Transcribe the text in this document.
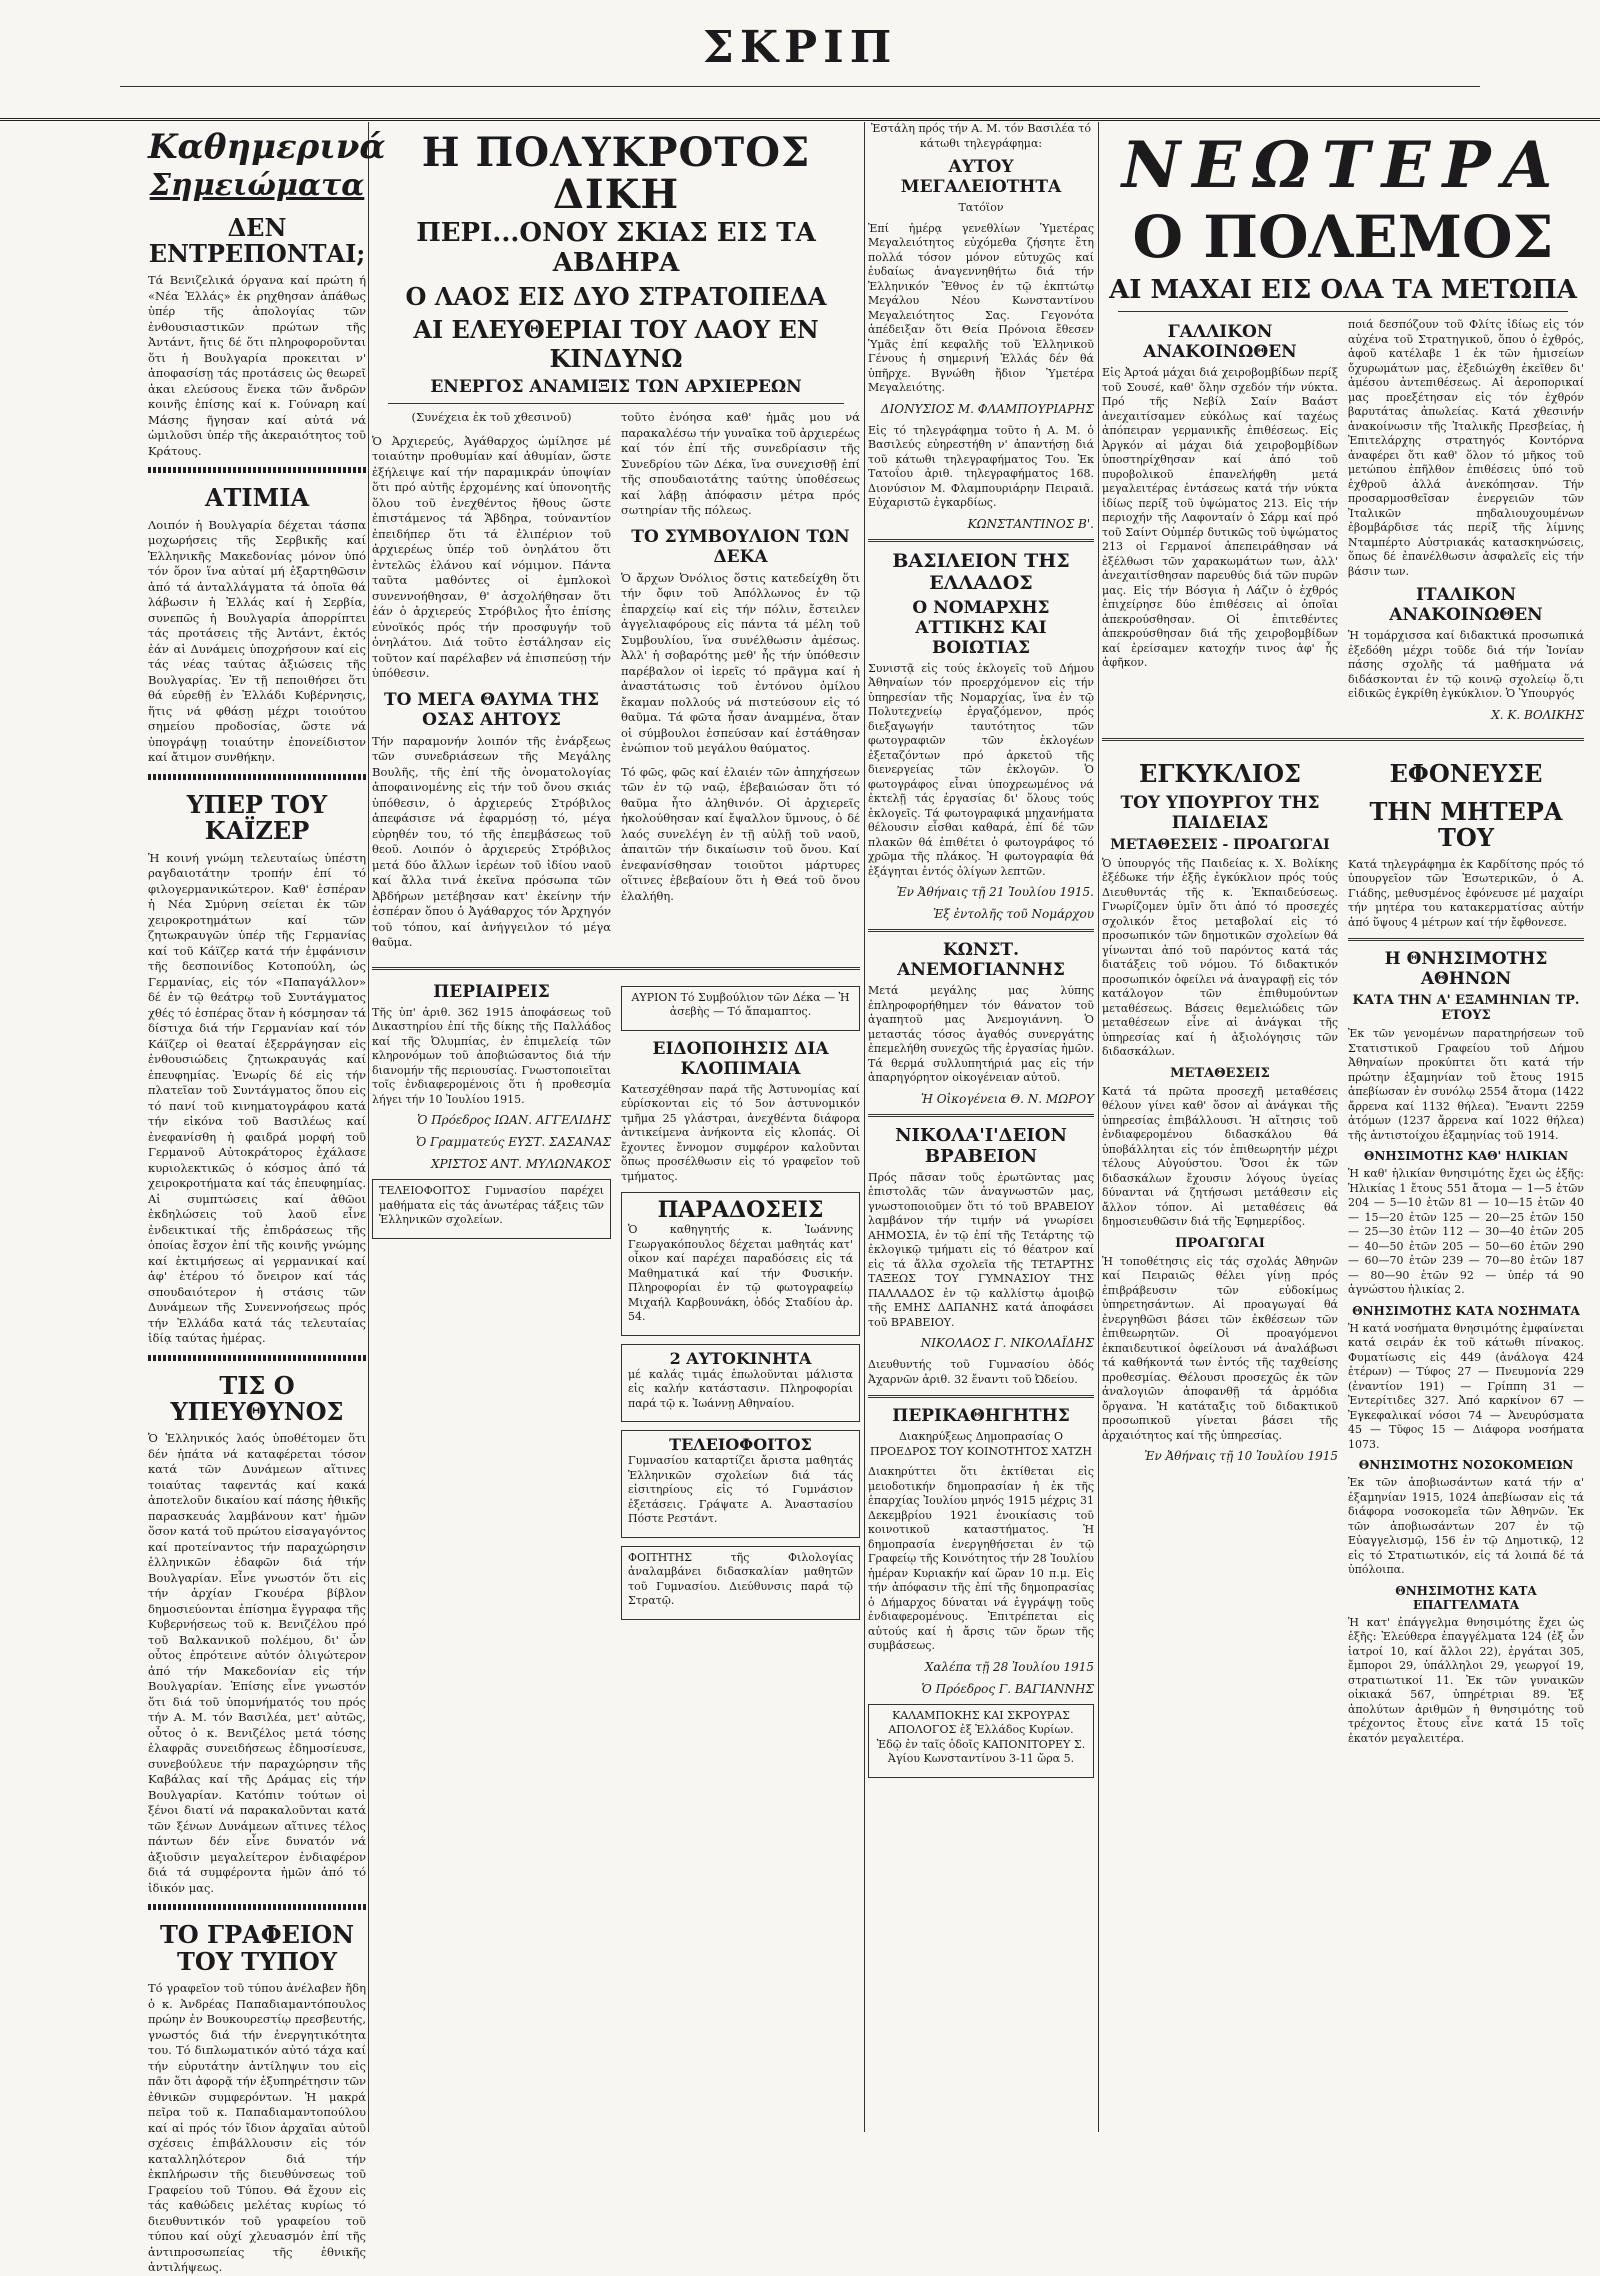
ΣΚΡΙΠ
Καθημερινά
Σημειώματα
ΔΕΝ ΕΝΤΡΕΠΟΝΤΑΙ;

Τά Βενιζελικά όργανα καί πρώτη ή «Νέα Ἑλλάς» ἐκ ρηχθησαν ἀπάθως ὑπέρ τῆς ἀπολογίας τῶν ἐνθουσιαστικῶν πρώτων τῆς Ἀντάντ, ἤτις δέ ὅτι πληροφοροῦνται ὅτι ἡ Βουλγαρία προκειται ν' ἀποφασίσῃ τάς προτάσεις ὡς θεωρεῖ ἀκαι ελεύσους ἕνεκα τῶν ἄνδρῶν κοινῆς ἐπίσης καί κ. Γούναρη καί Μάσης ῆγησαν καί αὐτά νά ὡμιλοῦσι ὑπέρ τῆς ἀκεραιότητος τοῦ Κράτους.

ΑΤΙΜΙΑ

Λοιπόν ἡ Βουλγαρία δέχεται τάσπα μοχωρήσεις τῆς Σερβικῆς καί Ἑλληνικῆς Μακεδονίας μόνον ὑπό τόν ὅρον ἵνα αὐταί μή ἐξαρτηθῶσιν ἀπό τά ἀνταλλάγματα τά ὁποῖα θά λάβωσιν ἡ Ἑλλάς καί ἡ Σερβία, συνεπῶς ἡ Βουλγαρία ἀπορρίπτει τάς προτάσεις τῆς Ἀντάντ, ἐκτός ἐάν αἱ Δυνάμεις ὑποχρήσουν καί εἰς τάς νέας ταύτας ἀξιώσεις τῆς Βουλγαρίας. Ἐν τῇ πεποιθήσει ὅτι θά εὑρεθῇ ἐν Ἑλλάδι Κυβέρνησις, ἥτις νά φθάσῃ μέχρι τοιούτου σημείου προδοσίας, ὥστε νά ὑπογράψῃ τοιαύτην ἐπονείδιστον καί ἄτιμον συνθήκην.

ΥΠΕΡ ΤΟΥ ΚΑΪΖΕΡ

Ἡ κοινή γνώμη τελευταίως ὑπέστη ραγδαιοτάτην τροπήν ἐπί τό φιλογερμανικώτερον. Καθ' ἑσπέραν ἡ Νέα Σμύρνη σείεται ἐκ τῶν χειροκροτημάτων καί τῶν ζητωκραυγῶν ὑπέρ τῆς Γερμανίας καί τοῦ Κάϊζερ κατά τήν ἐμφάνισιν τῆς δεσποινίδος Κοτοπούλη, ὡς Γερμανίας, εἰς τόν «Παπαγάλλον» δέ ἐν τῷ θεάτρῳ τοῦ Συντάγματος χθές τό ἑσπέρας ὅταν ἡ κόσμησαν τά δίστιχα διά τήν Γερμανίαν καί τόν Κάϊζερ οἱ θεαταί ἐξερράγησαν εἰς ἐνθουσιώδεις ζητωκραυγάς καί ἐπευφημίας. Ἐνωρίς δέ εἰς τήν πλατεῖαν τοῦ Συντάγματος ὅπου εἰς τό πανί τοῦ κινηματογράφου κατά τήν εἰκόνα τοῦ Βασιλέως καί ἐνεφανίσθη ἡ φαιδρά μορφή τοῦ Γερμανοῦ Αὐτοκράτορος ἐχάλασε κυριολεκτικῶς ὁ κόσμος ἀπό τά χειροκροτήματα καί τάς ἐπευφημίας. Αἱ συμπτώσεις καί ἀθῶοι ἐκδηλώσεις τοῦ λαοῦ εἶνε ἐνδεικτικαί τῆς ἐπιδράσεως τῆς ὁποίας ἔσχον ἐπί τῆς κοινῆς γνώμης καί ἐκτιμήσεως αἱ γερμανικαί καί ἀφ' ἑτέρου τό ὄνειρον καί τάς σπουδαιότερον ἡ στάσις τῶν Δυνάμεων τῆς Συνεννοήσεως πρός τήν Ἑλλάδα κατά τάς τελευταίας ἰδίᾳ ταύτας ἡμέρας.

ΤΙΣ Ο ΥΠΕΥΘΥΝΟΣ

Ὁ Ἑλληνικός λαός ὑποθέτομεν ὅτι δέν ἠπάτα νά καταφέρεται τόσον κατά τῶν Δυνάμεων αἵτινες τοιαύτας ταφεντάς καί κακά ἀποτελοῦν δικαίου καί πάσης ἠθικῆς παρασκευάς λαμβάνουν κατ' ἡμῶν ὅσον κατά τοῦ πρώτου εἰσαγαγόντος καί προτείναντος τήν παραχώρησιν ἑλληνικῶν ἐδαφῶν διά τήν Βουλγαρίαν. Εἶνε γνωστόν ὅτι εἰς τήν ἀρχίαν Γκουέρα βίβλον δημοσιεύονται ἐπίσημα ἔγγραφα τῆς Κυβερνήσεως τοῦ κ. Βενιζέλου πρό τοῦ Βαλκανικοῦ πολέμου, δι' ὧν οὗτος ἐπρότεινε αὐτόν ὀλιγώτερον ἀπό τήν Μακεδονίαν εἰς τήν Βουλγαρίαν. Ἐπίσης εἶνε γνωστόν ὅτι διά τοῦ ὑπομνήματός του πρός τήν Α. Μ. τόν Βασιλέα, μετ' αὐτῶς, οὗτος ὁ κ. Βενιζέλος μετά τόσης ἐλαφρᾶς συνειδήσεως ἐδημοσίευσε, συνεβούλευε τήν παραχώρησιν τῆς Καβάλας καί τῆς Δράμας εἰς τήν Βουλγαρίαν. Κατόπιν τούτων οἱ ξένοι διατί νά παρακαλοῦνται κατά τῶν ξένων Δυνάμεων αἵτινες τέλος πάντων δέν εἶνε δυνατόν νά ἀξιοῦσιν μεγαλείτερον ἐνδιαφέρον διά τά συμφέροντα ἡμῶν ἀπό τό ἰδικόν μας.

ΤΟ ΓΡΑΦΕΙΟΝ ΤΟΥ ΤΥΠΟΥ

Τό γραφεῖον τοῦ τύπου ἀνέλαβεν ἤδη ὁ κ. Ἀνδρέας Παπαδιαμαντόπουλος πρώην ἐν Βουκουρεστίῳ πρεσβευτής, γνωστός διά τήν ἐνεργητικότητα του. Τό διπλωματικόν αὐτό τάχα καί τήν εὐρυτάτην ἀντίληψιν του εἰς πᾶν ὅτι ἀφορᾷ τήν ἐξυπηρέτησιν τῶν ἐθνικῶν συμφερόντων. Ἡ μακρά πεῖρα τοῦ κ. Παπαδιαμαντοπούλου καί αἱ πρός τόν ἴδιον ἀρχαῖαι αὐτοῦ σχέσεις ἐπιβάλλουσιν εἰς τόν καταλληλότερον διά τήν ἐκπλήρωσιν τῆς διευθύνσεως τοῦ Γραφείου τοῦ Τύπου. Θά ἔχουν εἰς τάς καθώδεις μελέτας κυρίως τό διευθυντικόν τοῦ γραφείου τοῦ τύπου καί οὐχί χλευασμόν ἐπί τῆς ἀντιπροσωπείας τῆς ἐθνικῆς ἀντιλήψεως.

Η ΠΟΛΥΚΡΟΤΟΣ ΔΙΚΗ
ΠΕΡΙ...ΟΝΟΥ ΣΚΙΑΣ ΕΙΣ ΤΑ ΑΒΔΗΡΑ
Ο ΛΑΟΣ ΕΙΣ ΔΥΟ ΣΤΡΑΤΟΠΕΔΑ
ΑΙ ΕΛΕΥΘΕΡΙΑΙ ΤΟΥ ΛΑΟΥ ΕΝ ΚΙΝΔΥΝΩ
ΕΝΕΡΓΟΣ ΑΝΑΜΙΞΙΣ ΤΩΝ ΑΡΧΙΕΡΕΩΝ

(Συνέχεια ἐκ τοῦ χθεσινοῦ)

Ὁ Ἀρχιερεύς, Ἀγάθαρχος ὡμίλησε μέ τοιαύτην προθυμίαν καί ἀθυμίαν, ὥστε ἐξήλειψε καί τήν παραμικράν ὑποψίαν ὅτι πρό αὐτῆς ἐρχομένης καί ὑπονοητῆς ὅλου τοῦ ἐνεχθέντος ἤθους ὥστε ἐπιστάμενος τά Ἄβδηρα, τούναντίον ἐπειδήπερ ὅτι τά ἐλιπέριον τοῦ ἀρχιερέως ὑπέρ τοῦ ὀνηλάτου ὅτι ἐντελῶς ἐλάνου καί νόμιμον. Πάντα ταῦτα μαθόντες οἱ ἐμπλοκοὶ συνεννοήθησαν, θ' ἀσχολήθησαν ὅτι ἐάν ὁ ἀρχιερεύς Στρόβιλος ἦτο ἐπίσης εὐνοϊκός πρός τήν προσφυγήν τοῦ ὀνηλάτου. Διά τοῦτο ἐστάλησαν εἰς τοῦτον καί παρέλαβεν νά ἐπισπεύσῃ τήν ὑπόθεσιν.

ΤΟ ΜΕΓΑ ΘΑΥΜΑ ΤΗΣ ΟΣΑΣ ΑΗΤΟΥΣ

Τήν παραμονήν λοιπόν τῆς ἐνάρξεως τῶν συνεδριάσεων τῆς Μεγάλης Βουλῆς, τῆς ἐπί τῆς ὀνοματολογίας ἀποφαινομένης εἰς τήν τοῦ ὄνου σκιάς ὑπόθεσιν, ὁ ἀρχιερεύς Στρόβιλος ἀπεφάσισε νά ἐφαρμόσῃ τό, μέγα εὑρηθέν του, τό τῆς ἐπεμβάσεως τοῦ θεοῦ. Λοιπόν ὁ ἀρχιερεύς Στρόβιλος μετά δύο ἄλλων ἱερέων τοῦ ἰδίου ναοῦ καί ἄλλα τινά ἐκεῖνα πρόσωπα τῶν Ἀβδήρων μετέβησαν κατ' ἐκείνην τήν ἑσπέραν ὅπου ὁ Ἀγάθαρχος τόν Ἀρχηγόν τοῦ τόπου, καί ἀνήγγειλον τό μέγα θαῦμα.

τοῦτο ἐνόησα καθ' ἡμᾶς μου νά παρακαλέσω τήν γυναῖκα τοῦ ἀρχιερέως καί τόν ἐπί τῆς συνεδρίασιν τῆς Συνεδρίου τῶν Δέκα, ἵνα συνεχισθῇ ἐπί τῆς σπουδαιοτάτης ταύτης ὑποθέσεως καί λάβῃ ἀπόφασιν μέτρα πρός σωτηρίαν τῆς πόλεως.

ΤΟ ΣΥΜΒΟΥΛΙΟΝ ΤΩΝ ΔΕΚΑ

Ὁ ἄρχων Ὀνόλιος ὅστις κατεδείχθη ὅτι τήν ὄφιν τοῦ Ἀπόλλωνος ἐν τῷ ἐπαρχείῳ καί εἰς τήν πόλιν, ἔστειλεν ἀγγελιαφόρους εἰς πάντα τά μέλη τοῦ Συμβουλίου, ἵνα συνέλθωσιν ἀμέσως. Ἀλλ' ἡ σοβαρότης μεθ' ἧς τήν ὑπόθεσιν παρέβαλον οἱ ἱερεῖς τό πρᾶγμα καί ἡ ἀναστάτωσις τοῦ ἐντόνου ὁμίλου ἔκαμαν πολλούς νά πιστεύσουν εἰς τό θαῦμα. Τά φῶτα ἦσαν ἀναμμένα, ὅταν οἱ σύμβουλοι ἐσπεύσαν καί ἐστάθησαν ἐνώπιον τοῦ μεγάλου θαύματος.

Τό φῶς, φῶς καί ἐλαιέν τῶν ἀπηχήσεων τῶν ἐν τῷ ναῷ, ἐβεβαιώσαν ὅτι τό θαῦμα ἦτο ἀληθινόν. Οἱ ἀρχιερεῖς ἠκολούθησαν καί ἔψαλλον ὕμνους, ὁ δέ λαός συνελέγη ἐν τῇ αὐλῇ τοῦ ναοῦ, ἀπαιτῶν τήν δικαίωσιν τοῦ ὄνου. Καί ἐνεφανίσθησαν τοιοῦτοι μάρτυρες οἵτινες ἐβεβαίουν ὅτι ἡ Θεά τοῦ ὄνου ἐλαλήθη.

ΠΕΡΙΑΙΡΕΙΣ

Τῆς ὑπ' ἀριθ. 362 1915 ἀποφάσεως τοῦ Δικαστηρίου ἐπί τῆς δίκης τῆς Παλλάδος καί τῆς Ὀλυμπίας, ἐν ἐπιμελείᾳ τῶν κληρονόμων τοῦ ἀποβιώσαντος διά τήν διανομήν τῆς περιουσίας. Γνωστοποιεῖται τοῖς ἐνδιαφερομένοις ὅτι ἡ προθεσμία λήγει τήν 10 Ἰουλίου 1915.

Ὁ Πρόεδρος ΙΩΑΝ. ΑΓΓΕΛΙΔΗΣ
Ὁ Γραμματεύς ΕΥΣΤ. ΣΑΣΑΝΑΣ
ΧΡΙΣΤΟΣ ΑΝΤ. ΜΥΛΩΝΑΚΟΣ

ΤΕΛΕΙΟΦΟΙΤΟΣ Γυμνασίου παρέχει μαθήματα εἰς τάς ἀνωτέρας τάξεις τῶν Ἑλληνικῶν σχολείων.

ΑΥΡΙΟΝ Τό Συμβούλιον τῶν Δέκα — Ἡ ἀσεβὴς — Τό ἄπαμαπτος.

ΕΙΔΟΠΟΙΗΣΙΣ ΔΙΑ ΚΛΟΠΙΜΑΙΑ

Κατεσχέθησαν παρά τῆς Ἀστυνομίας καί εὑρίσκονται εἰς τό 5ον ἀστυνομικόν τμῆμα 25 γλάστραι, ἀνεχθέντα διάφορα ἀντικείμενα ἀνήκοντα εἰς κλοπάς. Οἱ ἔχοντες ἔννομον συμφέρον καλοῦνται ὅπως προσέλθωσιν εἰς τό γραφεῖον τοῦ τμήματος.

ΠΑΡΑΔΟΣΕΙΣ

Ὁ καθηγητής κ. Ἰωάννης Γεωργακόπουλος δέχεται μαθητάς κατ' οἶκον καί παρέχει παραδόσεις εἰς τά Μαθηματικά καί τήν Φυσικήν. Πληροφορίαι ἐν τῷ φωτογραφείῳ Μιχαήλ Καρβουνάκη, ὁδός Σταδίου ἀρ. 54.

2 ΑΥΤΟΚΙΝΗΤΑ

μέ καλάς τιμάς ἐπωλοῦνται μάλιστα εἰς καλήν κατάστασιν. Πληροφορίαι παρά τῷ κ. Ἰωάννῃ Αθηναίου.

ΤΕΛΕΙΟΦΟΙΤΟΣ

Γυμνασίου καταρτίζει ἄριστα μαθητάς Ἑλληνικῶν σχολείων διά τάς εἰσιτηρίους εἰς τό Γυμνάσιον ἐξετάσεις. Γράψατε Α. Ἀναστασίου Πόστε Ρεστάντ.

ΦΟΙΤΗΤΗΣ τῆς Φιλολογίας ἀναλαμβάνει διδασκαλίαν μαθητῶν τοῦ Γυμνασίου. Διεύθυνσις παρά τῷ Στρατῷ.

Ἐστάλη πρός τήν Α. Μ. τόν Βασιλέα τό κάτωθι τηλεγράφημα:

ΑΥΤΟΥ ΜΕΓΑΛΕΙΟΤΗΤΑ

Τατόϊον

Ἐπί ἡμέρᾳ γενεθλίων Ὑμετέρας Μεγαλειότητος εὐχόμεθα ζήσητε ἔτη πολλά τόσον μόνον εὐτυχῶς καί ἐυδαίως ἀναγεννηθήτω διά τήν Ἑλληνικόν Ἔθνος ἐν τῷ ἐκπτώτῳ Μεγάλου Νέου Κωνσταντίνου Μεγαλειότητος Σας. Γεγονότα ἀπέδειξαν ὅτι Θεία Πρόνοια ἔθεσεν Ὑμᾶς ἐπί κεφαλῆς τοῦ Ἑλληνικοῦ Γένους ἡ σημερινή Ἑλλάς δέν θά ὑπῆρχε. Βγνώθη ἥδιον Ὑμετέρα Μεγαλειότης.

ΔΙΟΝΥΣΙΟΣ Μ. ΦΛΑΜΠΟΥΡΙΑΡΗΣ

Εἰς τό τηλεγράφημα τοῦτο ἡ Α. Μ. ὁ Βασιλεύς εὐηρεστήθη ν' ἀπαντήσῃ διά τοῦ κάτωθι τηλεγραφήματος Του. Ἐκ Τατοΐου ἀριθ. τηλεγραφήματος 168. Διονύσιον Μ. Φλαμπουριάρην Πειραιᾶ. Εὐχαριστῶ ἐγκαρδίως.

ΚΩΝΣΤΑΝΤΙΝΟΣ Β'.
ΒΑΣΙΛΕΙΟΝ ΤΗΣ ΕΛΛΑΔΟΣ
Ο ΝΟΜΑΡΧΗΣ ΑΤΤΙΚΗΣ ΚΑΙ ΒΟΙΩΤΙΑΣ

Συνιστᾷ εἰς τούς ἐκλογεῖς τοῦ Δήμου Ἀθηναίων τόν προερχόμενον εἰς τήν ὑπηρεσίαν τῆς Νομαρχίας, ἵνα ἐν τῷ Πολυτεχνείῳ ἐργαζόμενον, πρός διεξαγωγήν ταυτότητος τῶν φωτογραφιῶν τῶν ἐκλογέων ἐξεταζόντων πρό ἀρκετοῦ τῆς διενεργείας τῶν ἐκλογῶν. Ὁ φωτογράφος εἶναι ὑποχρεωμένος νά ἐκτελῇ τάς ἐργασίας δι' ὅλους τούς ἐκλογεῖς. Τά φωτογραφικά μηχανήματα θέλουσιν εἶσθαι καθαρά, ἐπί δέ τῶν πλακῶν θά ἐπιθέτει ὁ φωτογράφος τό χρῶμα τῆς πλάκος. Ἡ φωτογραφία θά ἐξάγηται ἐντός ὀλίγων λεπτῶν.

Ἐν Ἀθήναις τῇ 21 Ἰουλίου 1915.
Ἐξ ἐντολῆς τοῦ Νομάρχου
ΚΩΝΣΤ. ΑΝΕΜΟΓΙΑΝΝΗΣ

Μετά μεγάλης μας λύπης ἐπληροφορήθημεν τόν θάνατον τοῦ ἀγαπητοῦ μας Ἀνεμογιάννη. Ὁ μεταστάς τόσος ἀγαθός συνεργάτης ἐπεμελήθη συνεχῶς τῆς ἐργασίας ἡμῶν. Τά θερμά συλλυπητήριά μας εἰς τήν ἀπαρηγόρητον οἰκογένειαν αὐτοῦ.

Ἡ Οἰκογένεια Θ. Ν. ΜΩΡΟΥ
ΝΙΚΟΛΑ'Ι'ΔΕΙΟΝ ΒΡΑΒΕΙΟΝ

Πρός πᾶσαν τοῦς ἐρωτῶντας μας ἐπιστολᾶς τῶν ἀναγνωστῶν μας, γνωστοποιοῦμεν ὅτι τό τοῦ ΒΡΑΒΕΙΟΥ λαμβάνον τήν τιμήν νά γνωρίσει ΑΗΜΟΣΙΑ, ἐν τῷ ἐπί τῆς Τετάρτης τῷ ἐκλογικῷ τμήματι εἰς τό θέατρον καί εἰς τά ἄλλα σχολεῖα τῆς ΤΕΤΑΡΤΗΣ ΤΑΞΕΩΣ ΤΟΥ ΓΥΜΝΑΣΙΟΥ ΤΗΣ ΠΑΛΛΑΔΟΣ ἐν τῷ καλλίστῳ ἀμοιβῷ τῆς ΕΜΗΣ ΔΑΠΑΝΗΣ κατά ἀποφάσει τοῦ ΒΡΑΒΕΙΟΥ.

ΝΙΚΟΛΑΟΣ Γ. ΝΙΚΟΛΑΪΔΗΣ

Διευθυντής τοῦ Γυμνασίου ὁδός Ἀχαρνῶν ἀριθ. 32 ἔναντι τοῦ Ὠδείου.

ΠΕΡΙΚΑΘΗΓΗΤΗΣ

Διακηρύξεως Δημοπρασίας Ο ΠΡΟΕΔΡΟΣ ΤΟΥ ΚΟΙΝΟΤΗΤΟΣ ΧΑΤΖΗ

Διακηρύττει ὅτι ἐκτίθεται εἰς μειοδοτικήν δημοπρασίαν ἡ ἐκ τῆς ἐπαρχίας Ἰουλίου μηνός 1915 μέχρις 31 Δεκεμβρίου 1921 ἐνοικίασις τοῦ κοινοτικοῦ καταστήματος. Ἡ δημοπρασία ἐνεργηθήσεται ἐν τῷ Γραφείῳ τῆς Κοινότητος τήν 28 Ἰουλίου ἡμέραν Κυριακήν καί ὥραν 10 π.μ. Εἰς τήν ἀπόφασιν τῆς ἐπί τῆς δημοπρασίας ὁ Δήμαρχος δύναται νά ἐγγράψῃ τοῦς ἐνδιαφερομένους. Ἐπιτρέπεται εἰς αὐτούς καί ἡ ἄρσις τῶν ὅρων τῆς συμβάσεως.

Χαλέπα τῇ 28 Ἰουλίου 1915
Ὁ Πρόεδρος Γ. ΒΑΓΙΑΝΝΗΣ

ΚΑΛΑΜΠΟΚΗΣ ΚΑΙ ΣΚΡΟΥΡΑΣ ΑΠΟΛΟΓΟΣ ἐξ Ἑλλάδος Κυρίων. Ἐδῷ ἐν ταῖς ὁδοῖς ΚΑΠΟΝΙΤΟΡΕΥ Σ. Ἀγίου Κωνσταντίνου 3-11 ὥρα 5.

ΝΕΩΤΕΡΑ
Ο ΠΟΛΕΜΟΣ
ΑΙ ΜΑΧΑΙ ΕΙΣ ΟΛΑ ΤΑ ΜΕΤΩΠΑ
ΓΑΛΛΙΚΟΝ ΑΝΑΚΟΙΝΩΘΕΝ

Εἰς Ἀρτοά μάχαι διά χειροβομβίδων περίξ τοῦ Σουσέ, καθ' ὅλην σχεδόν τήν νύκτα. Πρό τῆς Νεβίλ Σαίν Βαάστ ἀνεχαιτίσαμεν εὐκόλως καί ταχέως ἀπόπειραν γερμανικῆς ἐπιθέσεως. Εἰς Ἀργκόν αἱ μάχαι διά χειροβομβίδων ὑποστηρίχθησαν καί ἀπό τοῦ πυροβολικοῦ ἐπανελήφθη μετά μεγαλειτέρας ἐντάσεως κατά τήν νύκτα ἰδίως περίξ τοῦ ὑψώματος 213. Εἰς τήν περιοχήν τῆς Λαφονταίν ὁ Σάρμ καί πρό τοῦ Σαίντ Οὐμπέρ δυτικῶς τοῦ ὑψώματος 213 οἱ Γερμανοί ἀπεπειράθησαν νά ἐξέλθωσι τῶν χαρακωμάτων των, ἀλλ' ἀνεχαιτίσθησαν παρευθύς διά τῶν πυρῶν μας. Εἰς τήν Βόσγια ἡ Λάζιν ὁ ἐχθρός ἐπιχείρησε δύο ἐπιθέσεις αἱ ὁποῖαι ἀπεκρούσθησαν. Οἱ ἐπιτεθέντες ἀπεκρούσθησαν διά τῆς χειροβομβίδων καί ἐρείσαμεν κατοχήν τινος ἀφ' ἧς ἀφῆκον.

ποιά δεσπόζουν τοῦ Φλίτς ἰδίως εἰς τόν αὐχένα τοῦ Στρατηγικοῦ, ὅπου ὁ ἐχθρός, ἀφοῦ κατέλαβε 1 ἐκ τῶν ἡμισείων ὄχυρωμάτων μας, ἐξεδιώχθη ἐκεῖθεν δι' ἀμέσου ἀντεπιθέσεως. Αἱ ἀεροπορικαί μας προεξέτησαν εἰς τόν ἐχθρόν βαρυτάτας ἀπωλείας. Κατά χθεσινήν ἀνακοίνωσιν τῆς Ἰταλικῆς Πρεσβείας, ἡ Ἐπιτελάρχης στρατηγός Κοντόρνα ἀναφέρει ὅτι καθ' ὅλον τό μῆκος τοῦ μετώπου ἐπῆλθον ἐπιθέσεις ὑπό τοῦ ἐχθροῦ ἀλλά ἀνεκόπησαν. Τήν προσαρμοσθεῖσαν ἐνεργειῶν τῶν Ἰταλικῶν πηδαλιουχουμένων ἐβομβάρδισε τάς περίξ τῆς λίμνης Νταμπέρτο Αὐστριακάς κατασκηνώσεις, ὅπως δέ ἐπανέλθωσιν ἀσφαλεῖς εἰς τήν βάσιν των.

ΙΤΑΛΙΚΟΝ ΑΝΑΚΟΙΝΩΘΕΝ

Ἡ τομάρχισσα καί διδακτικά προσωπικά ἐξεδόθη μέχρι τοῦδε διά τήν Ἰονίαν πάσης σχολῆς τά μαθήματα νά διδάσκονται ἐν τῷ κοινῷ σχολείῳ ὅ,τι εἰδικῶς ἐγκρίθη ἐγκύκλιον. Ὁ Ὑπουργός

Χ. Κ. ΒΟΛΙΚΗΣ
ΕΓΚΥΚΛΙΟΣ
ΤΟΥ ΥΠΟΥΡΓΟΥ ΤΗΣ ΠΑΙΔΕΙΑΣ
ΜΕΤΑΘΕΣΕΙΣ - ΠΡΟΑΓΩΓΑΙ

Ὁ ὑπουργός τῆς Παιδείας κ. Χ. Βολίκης ἐξέδωκε τήν ἑξῆς ἐγκύκλιον πρός τούς Διευθυντάς τῆς κ. Ἐκπαιδεύσεως. Γνωρίζομεν ὑμῖν ὅτι ἀπό τό προσεχές σχολικόν ἔτος μεταβολαί εἰς τό προσωπικόν τῶν δημοτικῶν σχολείων θά γίνωνται ἀπό τοῦ παρόντος κατά τάς διατάξεις τοῦ νόμου. Τό διδακτικόν προσωπικόν ὀφείλει νά ἀναγραφῇ εἰς τόν κατάλογον τῶν ἐπιθυμούντων μεταθέσεως. Βάσεις θεμελιώδεις τῶν μεταθέσεων εἶνε αἱ ἀνάγκαι τῆς ὑπηρεσίας καί ἡ ἀξιολόγησις τῶν διδασκάλων.

ΜΕΤΑΘΕΣΕΙΣ

Κατά τά πρῶτα προσεχῆ μεταθέσεις θέλουν γίνει καθ' ὅσον αἱ ἀνάγκαι τῆς ὑπηρεσίας ἐπιβάλλουσι. Ἡ αἴτησις τοῦ ἐνδιαφερομένου διδασκάλου θά ὑποβάλληται εἰς τόν ἐπιθεωρητήν μέχρι τέλους Αὐγούστου. Ὅσοι ἐκ τῶν διδασκάλων ἔχουσιν λόγους ὑγείας δύνανται νά ζητήσωσι μετάθεσιν εἰς ἄλλον τόπον. Αἱ μεταθέσεις θά δημοσιευθῶσιν διά τῆς Ἐφημερίδος.

ΠΡΟΑΓΩΓΑΙ

Ἡ τοποθέτησις εἰς τάς σχολάς Ἀθηνῶν καί Πειραιῶς θέλει γίνῃ πρός ἐπιβράβευσιν τῶν εὐδοκίμως ὑπηρετησάντων. Αἱ προαγωγαί θά ἐνεργηθῶσι βάσει τῶν ἐκθέσεων τῶν ἐπιθεωρητῶν. Οἱ προαγόμενοι ἐκπαιδευτικοί ὀφείλουσι νά ἀναλάβωσι τά καθήκοντά των ἐντός τῆς ταχθείσης προθεσμίας. Θέλουσι προσεχῶς ἐκ τῶν ἀναλογιῶν ἀποφανθῇ τά ἀρμόδια ὄργανα. Ἡ κατάταξις τοῦ διδακτικοῦ προσωπικοῦ γίνεται βάσει τῆς ἀρχαιότητος καί τῆς ὑπηρεσίας.

Ἐν Ἀθήναις τῇ 10 Ἰουλίου 1915
ΕΦΟΝΕΥΣΕ
ΤΗΝ ΜΗΤΕΡΑ ΤΟΥ

Κατά τηλεγράφημα ἐκ Καρδίτσης πρός τό ὑπουργεῖον τῶν Ἐσωτερικῶν, ὁ Α. Γιάδης, μεθυσμένος ἐφόνευσε μέ μαχαίρι τήν μητέρα του κατακερματίσας αὐτήν ἀπό ὕψους 4 μέτρων καί τήν ἔφθονεσε.

Η ΘΝΗΣΙΜΟΤΗΣ ΑΘΗΝΩΝ
ΚΑΤΑ ΤΗΝ Α' ΕΞΑΜΗΝΙΑΝ ΤΡ. ΕΤΟΥΣ

Ἐκ τῶν γενομένων παρατηρήσεων τοῦ Στατιστικοῦ Γραφείου τοῦ Δήμου Ἀθηναίων προκύπτει ὅτι κατά τήν πρώτην ἑξαμηνίαν τοῦ ἔτους 1915 ἀπεβίωσαν ἐν συνόλῳ 2554 ἄτομα (1422 ἄρρενα καί 1132 θήλεα). Ἔναντι 2259 ἀτόμων (1237 ἄρρενα καί 1022 θήλεα) τῆς ἀντιστοίχου ἑξαμηνίας τοῦ 1914.

ΘΝΗΣΙΜΟΤΗΣ ΚΑΘ' ΗΛΙΚΙΑΝ

Ἡ καθ' ἡλικίαν θνησιμότης ἔχει ὡς ἑξῆς: Ἡλικίας 1 ἔτους 551 ἄτομα — 1—5 ἐτῶν 204 — 5—10 ἐτῶν 81 — 10—15 ἐτῶν 40 — 15—20 ἐτῶν 125 — 20—25 ἐτῶν 150 — 25—30 ἐτῶν 112 — 30—40 ἐτῶν 205 — 40—50 ἐτῶν 205 — 50—60 ἐτῶν 290 — 60—70 ἐτῶν 239 — 70—80 ἐτῶν 187 — 80—90 ἐτῶν 92 — ὑπέρ τά 90 ἀγνώστου ἡλικίας 2.

ΘΝΗΣΙΜΟΤΗΣ ΚΑΤΑ ΝΟΣΗΜΑΤΑ

Ἡ κατά νοσήματα θνησιμότης ἐμφαίνεται κατά σειράν ἐκ τοῦ κάτωθι πίνακος. Φυματίωσις εἰς 449 (ἀνάλογα 424 ἐτέρων) — Τύφος 27 — Πνευμονία 229 (ἐναντίον 191) — Γρίππη 31 — Ἐντερίτιδες 327. Ἀπό καρκίνον 67 — Ἐγκεφαλικαί νόσοι 74 — Ἀνευρύσματα 45 — Τῦφος 15 — Διάφορα νοσήματα 1073.

ΘΝΗΣΙΜΟΤΗΣ ΝΟΣΟΚΟΜΕΙΩΝ

Ἐκ τῶν ἀποβιωσάντων κατά τήν α' ἑξαμηνίαν 1915, 1024 ἀπεβίωσαν εἰς τά διάφορα νοσοκομεῖα τῶν Ἀθηνῶν. Ἐκ τῶν ἀποβιωσάντων 207 ἐν τῷ Εὐαγγελισμῷ, 156 ἐν τῷ Δημοτικῷ, 12 εἰς τό Στρατιωτικόν, εἰς τά λοιπά δέ τά ὑπόλοιπα.

ΘΝΗΣΙΜΟΤΗΣ ΚΑΤΑ ΕΠΑΓΓΕΛΜΑΤΑ

Ἡ κατ' ἐπάγγελμα θνησιμότης ἔχει ὡς ἑξῆς: Ἐλεύθερα ἐπαγγέλματα 124 (ἐξ ὧν ἰατροί 10, καί ἄλλοι 22), ἐργάται 305, ἔμποροι 29, ὑπάλληλοι 29, γεωργοί 19, στρατιωτικοί 11. Ἐκ τῶν γυναικῶν οἰκιακά 567, ὑπηρέτριαι 89. Ἐξ ἀπολύτων ἀριθμῶν ἡ θνησιμότης τοῦ τρέχοντος ἔτους εἶνε κατά 15 τοῖς ἑκατόν μεγαλειτέρα.
